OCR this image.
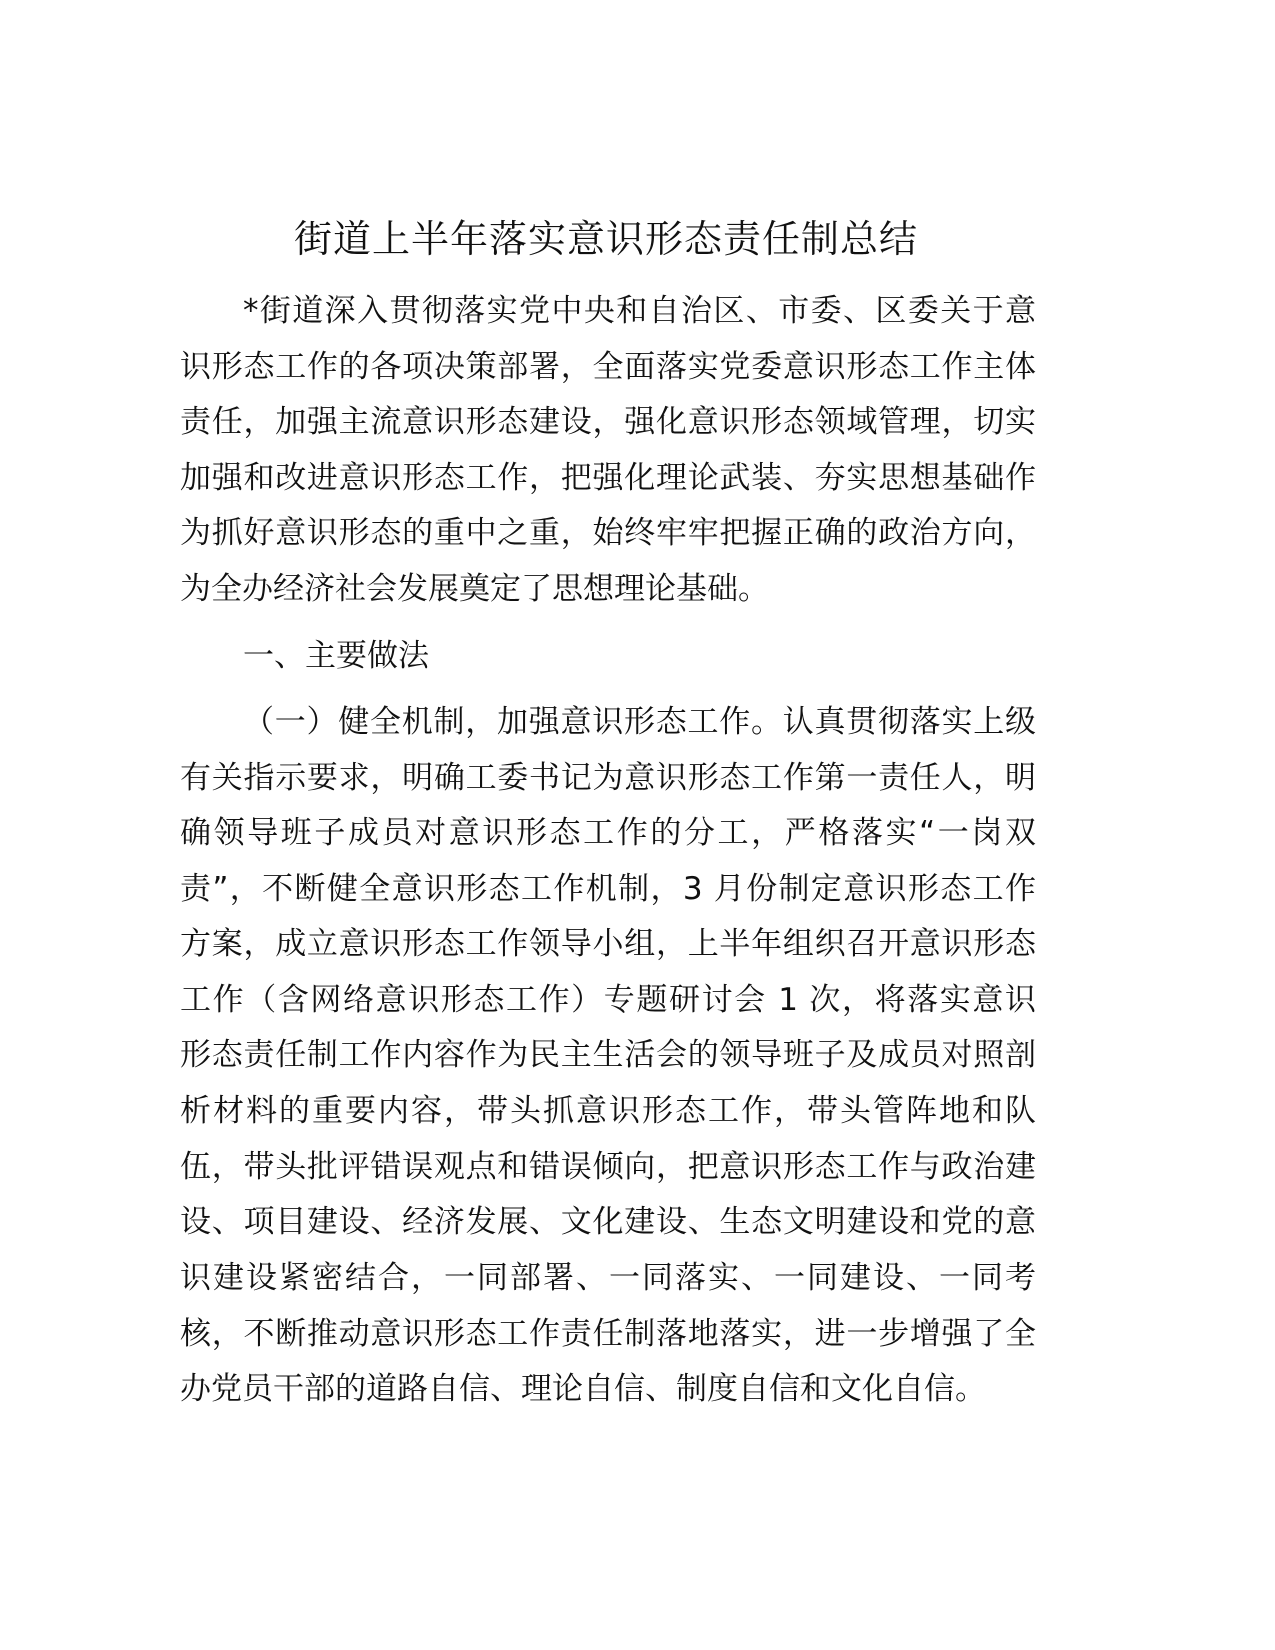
街道上半年落实意识形态责任制总结
*街道深入贯彻落实党中央和自治区、市委、区委关于意
识形态工作的各项决策部署，全面落实党委意识形态工作主体
责任，加强主流意识形态建设，强化意识形态领域管理，切实
加强和改进意识形态工作，把强化理论武装、夯实思想基础作
为抓好意识形态的重中之重，始终牢牢把握正确的政治方向，
为全办经济社会发展奠定了思想理论基础。
一、主要做法
（一）健全机制，加强意识形态工作。认真贯彻落实上级
有关指示要求，明确工委书记为意识形态工作第一责任人，明
确领导班子成员对意识形态工作的分工，严格落实“一岗双
责”，不断健全意识形态工作机制，3 月份制定意识形态工作
方案，成立意识形态工作领导小组，上半年组织召开意识形态
工作（含网络意识形态工作）专题研讨会 1 次，将落实意识
形态责任制工作内容作为民主生活会的领导班子及成员对照剖
析材料的重要内容，带头抓意识形态工作，带头管阵地和队
伍，带头批评错误观点和错误倾向，把意识形态工作与政治建
设、项目建设、经济发展、文化建设、生态文明建设和党的意
识建设紧密结合，一同部署、一同落实、一同建设、一同考
核，不断推动意识形态工作责任制落地落实，进一步增强了全
办党员干部的道路自信、理论自信、制度自信和文化自信。
